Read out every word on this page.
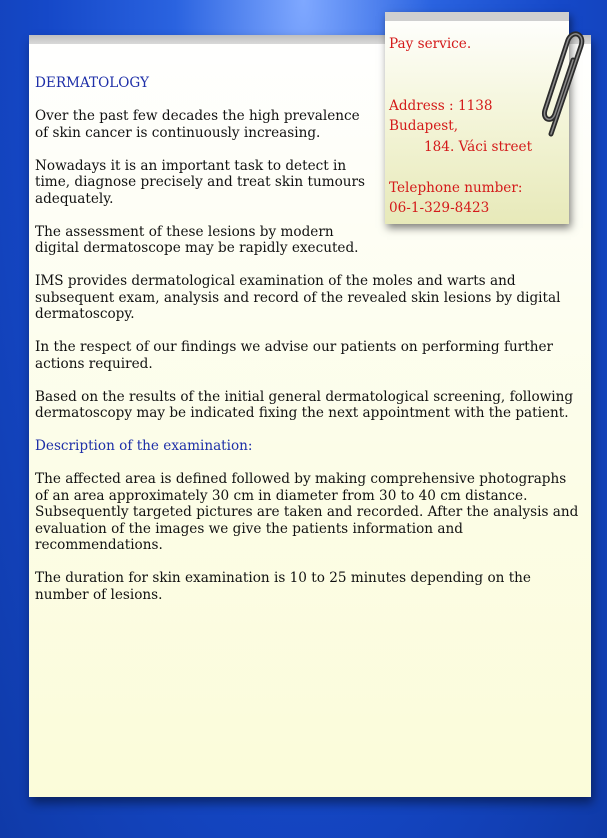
DERMATOLOGY

Over the past few decades the high prevalence of skin cancer is continuously increasing.

Nowadays it is an important task to detect in time, diagnose precisely and treat skin tumours adequately.

The assessment of these lesions by modern digital dermatoscope may be rapidly executed.

IMS provides dermatological examination of the moles and warts and subsequent exam, analysis and record of the revealed skin lesions by digital dermatoscopy.

In the respect of our findings we advise our patients on performing further actions required.

Based on the results of the initial general dermatological screening, following dermatoscopy may be indicated fixing the next appointment with the patient.

Description of the examination:

The affected area is defined followed by making comprehensive photographs of an area approximately 30 cm in diameter from 30 to 40 cm distance. Subsequently targeted pictures are taken and recorded. After the analysis and evaluation of the images we give the patients information and recommendations.

The duration for skin examination is 10 to 25 minutes depending on the number of lesions.

Pay service.

Address : 1138 Budapest,

184. Váci street

Telephone number:

06-1-329-8423
